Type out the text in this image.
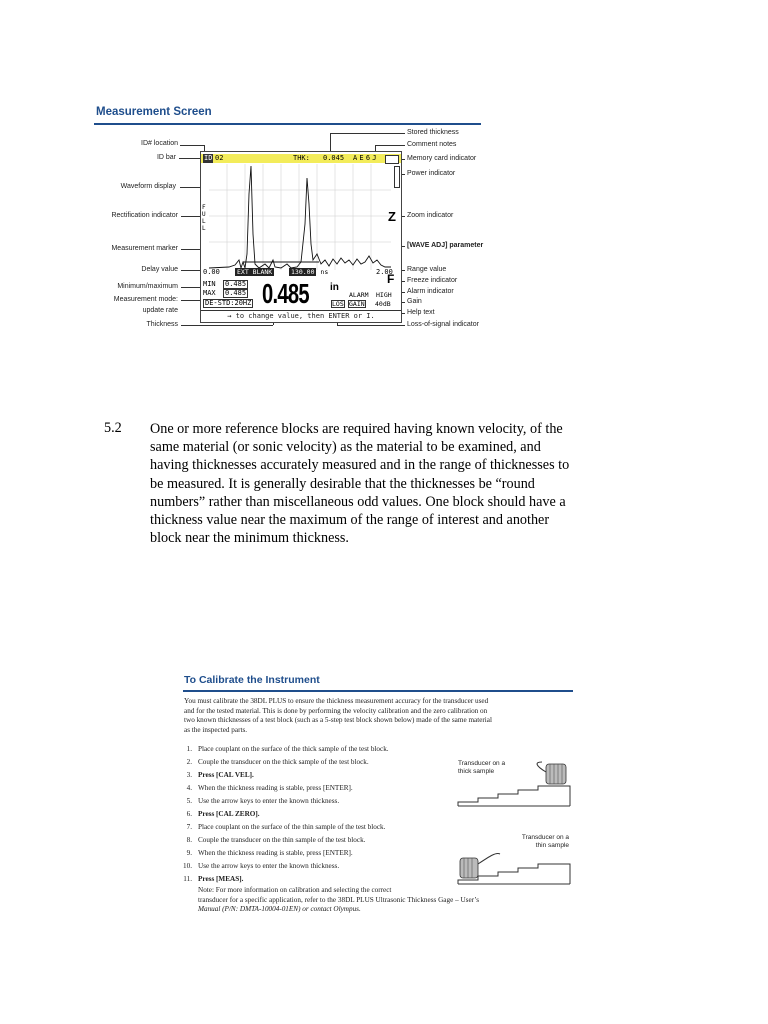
Measurement Screen
ID# location
ID bar
Waveform display
Rectification indicator
Measurement marker
Delay value
Minimum/maximum
Measurement mode:
update rate
Thickness
Stored thickness
Comment notes
Memory card indicator
Power indicator
Zoom indicator
[WAVE ADJ] parameter
Range value
Freeze indicator
Alarm indicator
Gain
Help text
Loss-of-signal indicator
ID 02	THK: 0.045 A E 6 J
F U L L
Z
0.00	EXT BLANK	130.00 ns	2.00
F
MIN 0.485
MAX 0.485
DE-STD:20HZ 0.485 in
ALARM HIGH
LOS GAIN 40dB
→ to change value, then ENTER or I.
5.2 One or more reference blocks are required having known velocity, of the
same material (or sonic velocity) as the material to be examined, and
having thicknesses accurately measured and in the range of thicknesses to
be measured. It is generally desirable that the thicknesses be “round
numbers” rather than miscellaneous odd values. One block should have a
thickness value near the maximum of the range of interest and another
block near the minimum thickness.
To Calibrate the Instrument
You must calibrate the 38DL PLUS to ensure the thickness measurement accuracy for the transducer used
and for the tested material. This is done by performing the velocity calibration and the zero calibration on
two known thicknesses of a test block (such as a 5-step test block shown below) made of the same material
as the inspected parts.
1. Place couplant on the surface of the thick sample of the test block.
2. Couple the transducer on the thick sample of the test block.
3. Press [CAL VEL].
4. When the thickness reading is stable, press [ENTER].
5. Use the arrow keys to enter the known thickness.
6. Press [CAL ZERO].
7. Place couplant on the surface of the thin sample of the test block.
8. Couple the transducer on the thin sample of the test block.
9. When the thickness reading is stable, press [ENTER].
10. Use the arrow keys to enter the known thickness.
11. Press [MEAS].
Note: For more information on calibration and selecting the correct
transducer for a specific application, refer to the 38DL PLUS Ultrasonic Thickness Gage – User’s
Manual (P/N: DMTA-10004-01EN) or contact Olympus.
Transducer on a
thick sample
Transducer on a
thin sample
